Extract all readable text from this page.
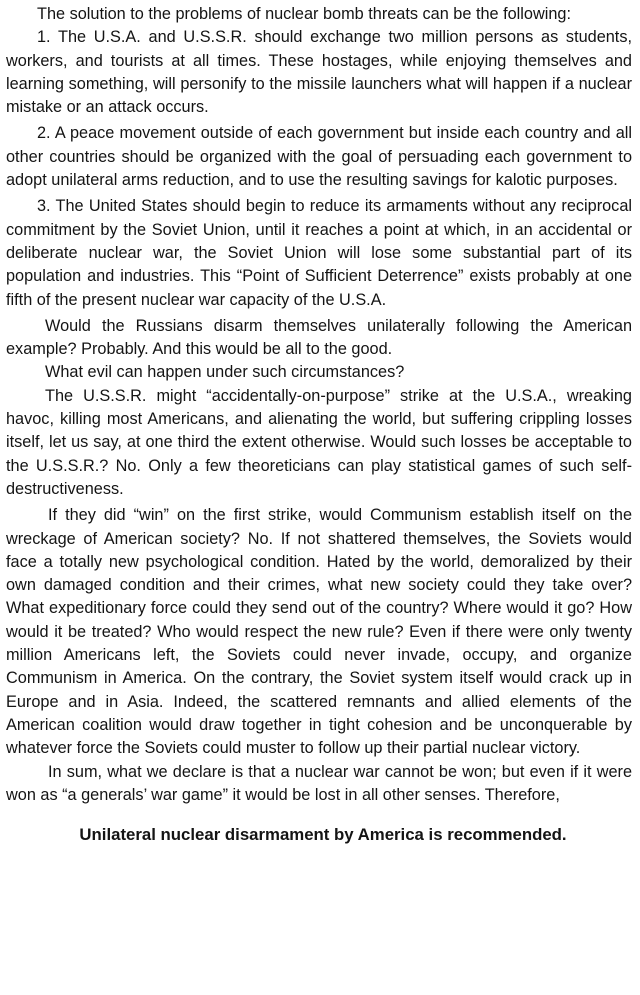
The solution to the problems of nuclear bomb threats can be the following:

1. The U.S.A. and U.S.S.R. should exchange two million persons as students, workers, and tourists at all times. These hostages, while enjoying themselves and learning something, will personify to the missile launchers what will happen if a nuclear mistake or an attack occurs.

2. A peace movement outside of each government but inside each country and all other countries should be organized with the goal of persuading each government to adopt unilateral arms reduction, and to use the resulting savings for kalotic purposes.

3. The United States should begin to reduce its armaments without any reciprocal commitment by the Soviet Union, until it reaches a point at which, in an accidental or deliberate nuclear war, the Soviet Union will lose some substantial part of its population and industries. This “Point of Sufficient Deterrence” exists probably at one fifth of the present nuclear war capacity of the U.S.A.

Would the Russians disarm themselves unilaterally following the American example? Probably. And this would be all to the good.

What evil can happen under such circumstances?

The U.S.S.R. might “accidentally-on-purpose” strike at the U.S.A., wreaking havoc, killing most Americans, and alienating the world, but suffering crippling losses itself, let us say, at one third the extent otherwise. Would such losses be acceptable to the U.S.S.R.? No. Only a few theoreticians can play statistical games of such self-destructiveness.

If they did “win” on the first strike, would Communism establish itself on the wreckage of American society? No. If not shattered themselves, the Soviets would face a totally new psychological condition. Hated by the world, demoralized by their own damaged condition and their crimes, what new society could they take over? What expeditionary force could they send out of the country? Where would it go? How would it be treated? Who would respect the new rule? Even if there were only twenty million Americans left, the Soviets could never invade, occupy, and organize Communism in America. On the contrary, the Soviet system itself would crack up in Europe and in Asia. Indeed, the scattered remnants and allied elements of the American coalition would draw together in tight cohesion and be unconquerable by whatever force the Soviets could muster to follow up their partial nuclear victory.

In sum, what we declare is that a nuclear war cannot be won; but even if it were won as “a generals’ war game” it would be lost in all other senses. Therefore,

Unilateral nuclear disarmament by America is recommended.
